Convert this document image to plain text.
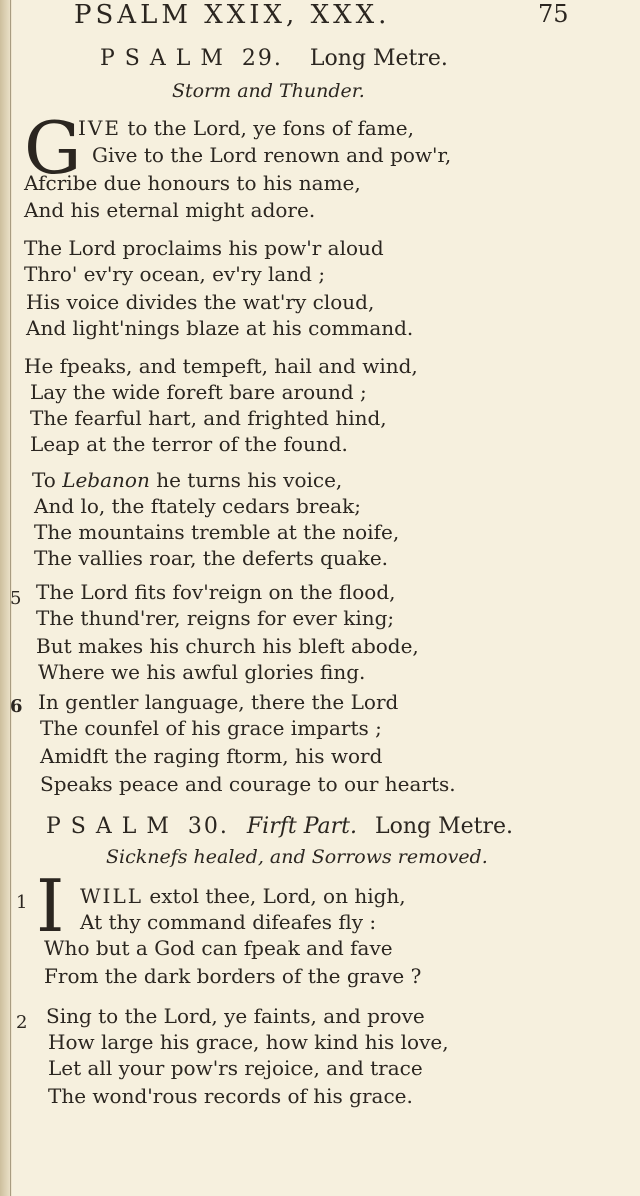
PSALM XXIX, XXX.	75
PSALM 29. Long Metre.
Storm and Thunder.
G
IVE to the Lord, ye fons of fame,
Give to the Lord renown and pow'r,
Afcribe due honours to his name,
And his eternal might adore.
The Lord proclaims his pow'r aloud
Thro' ev'ry ocean, ev'ry land ;
His voice divides the wat'ry cloud,
And light'nings blaze at his command.
He fpeaks, and tempeft, hail and wind,
Lay the wide foreft bare around ;
The fearful hart, and frighted hind,
Leap at the terror of the found.
To Lebanon he turns his voice,
And lo, the ftately cedars break;
The mountains tremble at the noife,
The vallies roar, the deferts quake.
5 The Lord fits fov'reign on the flood,
The thund'rer, reigns for ever king;
But makes his church his bleft abode,
Where we his awful glories fing.
6 In gentler language, there the Lord
The counfel of his grace imparts ;
Amidft the raging ftorm, his word
Speaks peace and courage to our hearts.
PSALM 30. Firft Part. Long Metre.
Sicknefs healed, and Sorrows removed.
1 I WILL extol thee, Lord, on high,
At thy command difeafes fly :
Who but a God can fpeak and fave
From the dark borders of the grave ?
2 Sing to the Lord, ye faints, and prove
How large his grace, how kind his love,
Let all your pow'rs rejoice, and trace
The wond'rous records of his grace.
